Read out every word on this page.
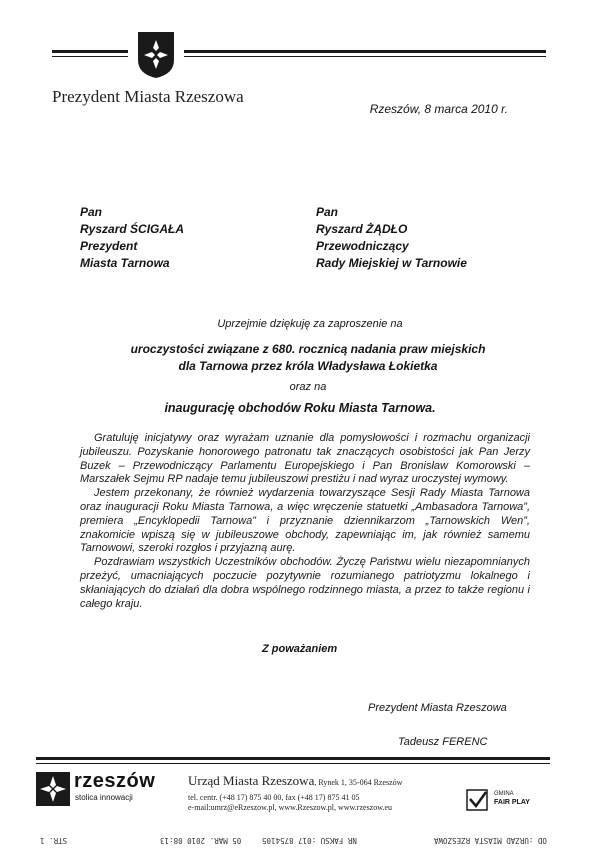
Prezydent Miasta Rzeszowa
Rzeszów, 8 marca 2010 r.
Pan
Ryszard ŚCIGAŁA
Prezydent
Miasta Tarnowa
Pan
Ryszard ŻĄDŁO
Przewodniczący
Rady Miejskiej w Tarnowie
Uprzejmie dziękuję za zaproszenie na
uroczystości związane z 680. rocznicą nadania praw miejskich
dla Tarnowa przez króla Władysława Łokietka
oraz na
inaugurację obchodów Roku Miasta Tarnowa.

Gratuluję inicjatywy oraz wyrażam uznanie dla pomysłowości i rozmachu organizacji jubileuszu. Pozyskanie honorowego patronatu tak znaczących osobistości jak Pan Jerzy Buzek – Przewodniczący Parlamentu Europejskiego i Pan Bronisław Komorowski – Marszałek Sejmu RP nadaje temu jubileuszowi prestiżu i nad wyraz uroczystej wymowy.

Jestem przekonany, że również wydarzenia towarzyszące Sesji Rady Miasta Tarnowa oraz inauguracji Roku Miasta Tarnowa, a więc wręczenie statuetki „Ambasadora Tarnowa”, premiera „Encyklopedii Tarnowa” i przyznanie dziennikarzom „Tarnowskich Wen”, znakomicie wpiszą się w jubileuszowe obchody, zapewniając im, jak również samemu Tarnowowi, szeroki rozgłos i przyjazną aurę.

Pozdrawiam wszystkich Uczestników obchodów. Życzę Państwu wielu niezapomnianych przeżyć, umacniających poczucie pozytywnie rozumianego patriotyzmu lokalnego i skłaniających do działań dla dobra wspólnego rodzinnego miasta, a przez to także regionu i całego kraju.

Z poważaniem
Prezydent Miasta Rzeszowa
Tadeusz FERENC
rzeszów
stolica innowacji
Urząd Miasta Rzeszowa, Rynek 1, 35-064 Rzeszów
tel. centr. (+48 17) 875 40 00, fax (+48 17) 875 41 05
e-mail:umrz@eRzeszow.pl, www.Rzeszow.pl, www.rzeszow.eu
GMINA
FAIR PLAY
STR. 1	05 MAR. 2010 08:13	NR FAKSU :017 8754105	OD :URZAD MIASTA RZESZOWA
